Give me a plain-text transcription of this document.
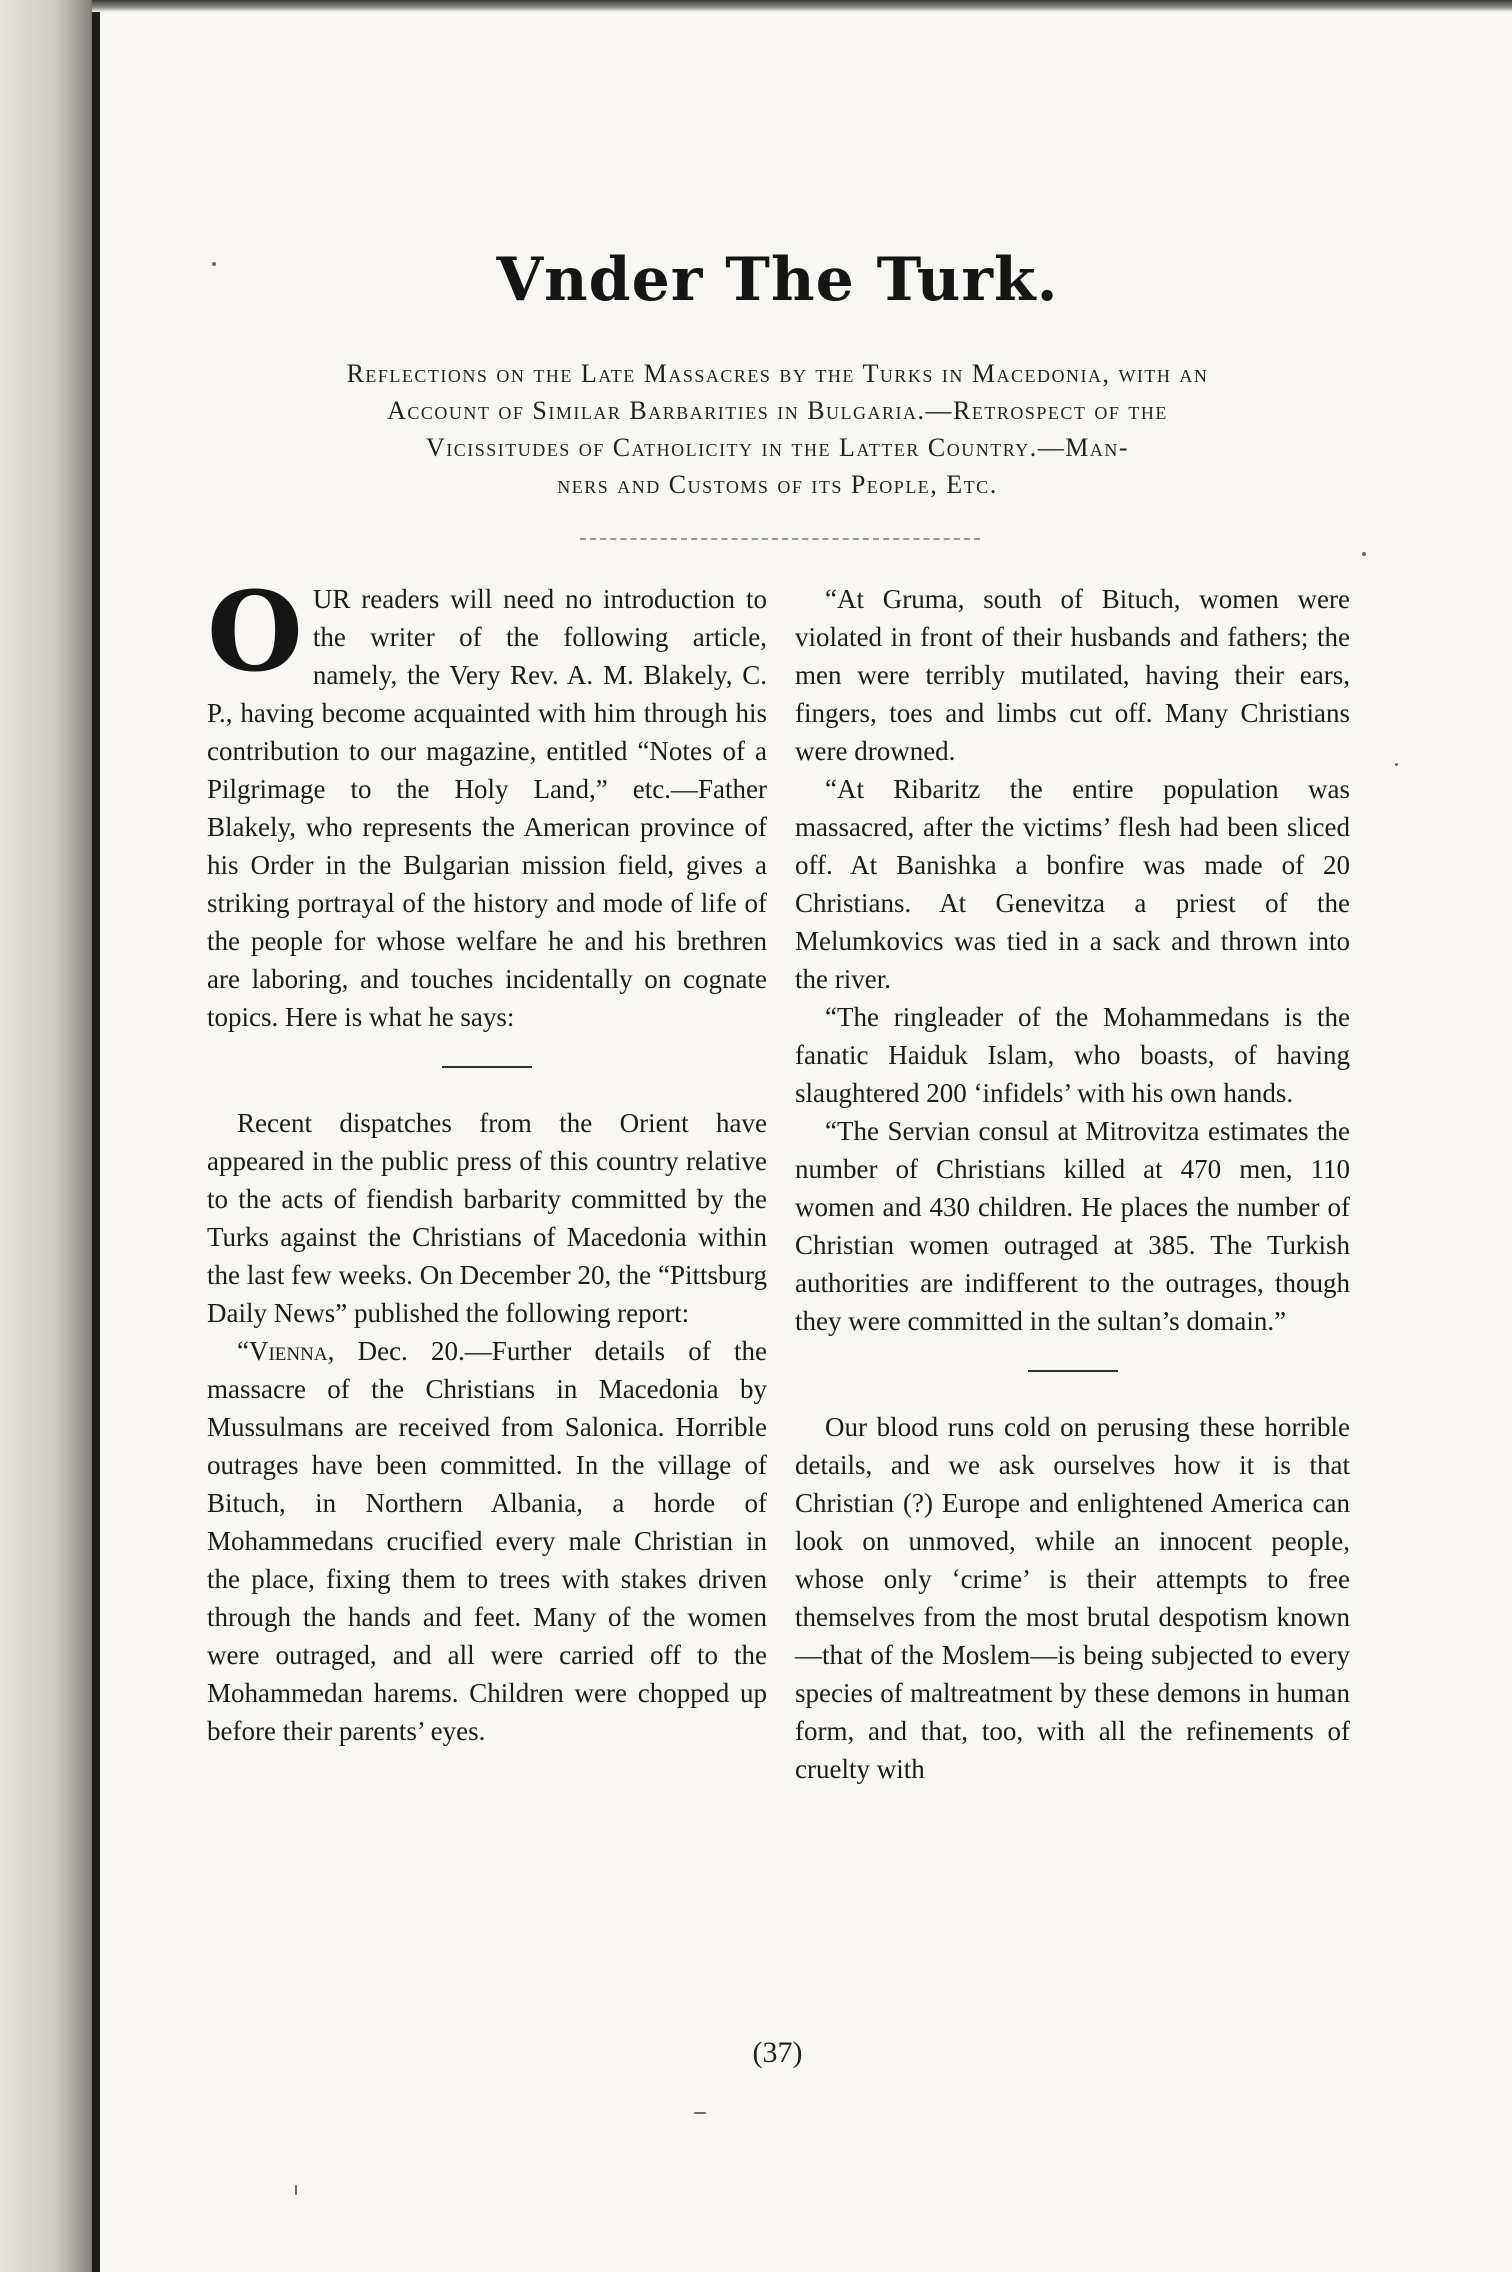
Vnder The Turk.
Reflections on the Late Massacres by the Turks in Macedonia, with an
Account of Similar Barbarities in Bulgaria.—Retrospect of the
Vicissitudes of Catholicity in the Latter Country.—Man-
ners and Customs of its People, Etc.

OUR readers will need no introduction to the writer of the following article, namely, the Very Rev. A. M. Blakely, C. P., having become acquainted with him through his contribution to our magazine, entitled “Notes of a Pilgrimage to the Holy Land,” etc.—Father Blakely, who represents the American province of his Order in the Bulgarian mission field, gives a striking portrayal of the history and mode of life of the people for whose welfare he and his brethren are laboring, and touches incidentally on cognate topics. Here is what he says:

Recent dispatches from the Orient have appeared in the public press of this country relative to the acts of fiendish barbarity committed by the Turks against the Christians of Macedonia within the last few weeks. On December 20, the “Pittsburg Daily News” published the following report:

“Vienna, Dec. 20.—Further details of the massacre of the Christians in Macedonia by Mussulmans are received from Salonica. Horrible outrages have been committed. In the village of Bituch, in Northern Albania, a horde of Mohammedans crucified every male Christian in the place, fixing them to trees with stakes driven through the hands and feet. Many of the women were outraged, and all were carried off to the Mohammedan harems. Children were chopped up before their parents’ eyes.

“At Gruma, south of Bituch, women were violated in front of their husbands and fathers; the men were terribly mutilated, having their ears, fingers, toes and limbs cut off. Many Christians were drowned.

“At Ribaritz the entire population was massacred, after the victims’ flesh had been sliced off. At Banishka a bonfire was made of 20 Christians. At Genevitza a priest of the Melumkovics was tied in a sack and thrown into the river.

“The ringleader of the Mohammedans is the fanatic Haiduk Islam, who boasts, of having slaughtered 200 ‘infidels’ with his own hands.

“The Servian consul at Mitrovitza estimates the number of Christians killed at 470 men, 110 women and 430 children. He places the number of Christian women outraged at 385. The Turkish authorities are indifferent to the outrages, though they were committed in the sultan’s domain.”

Our blood runs cold on perusing these horrible details, and we ask ourselves how it is that Christian (?) Europe and enlightened America can look on unmoved, while an innocent people, whose only ‘crime’ is their attempts to free themselves from the most brutal despotism known—that of the Moslem—is being subjected to every species of maltreatment by these demons in human form, and that, too, with all the refinements of cruelty with

(37)
